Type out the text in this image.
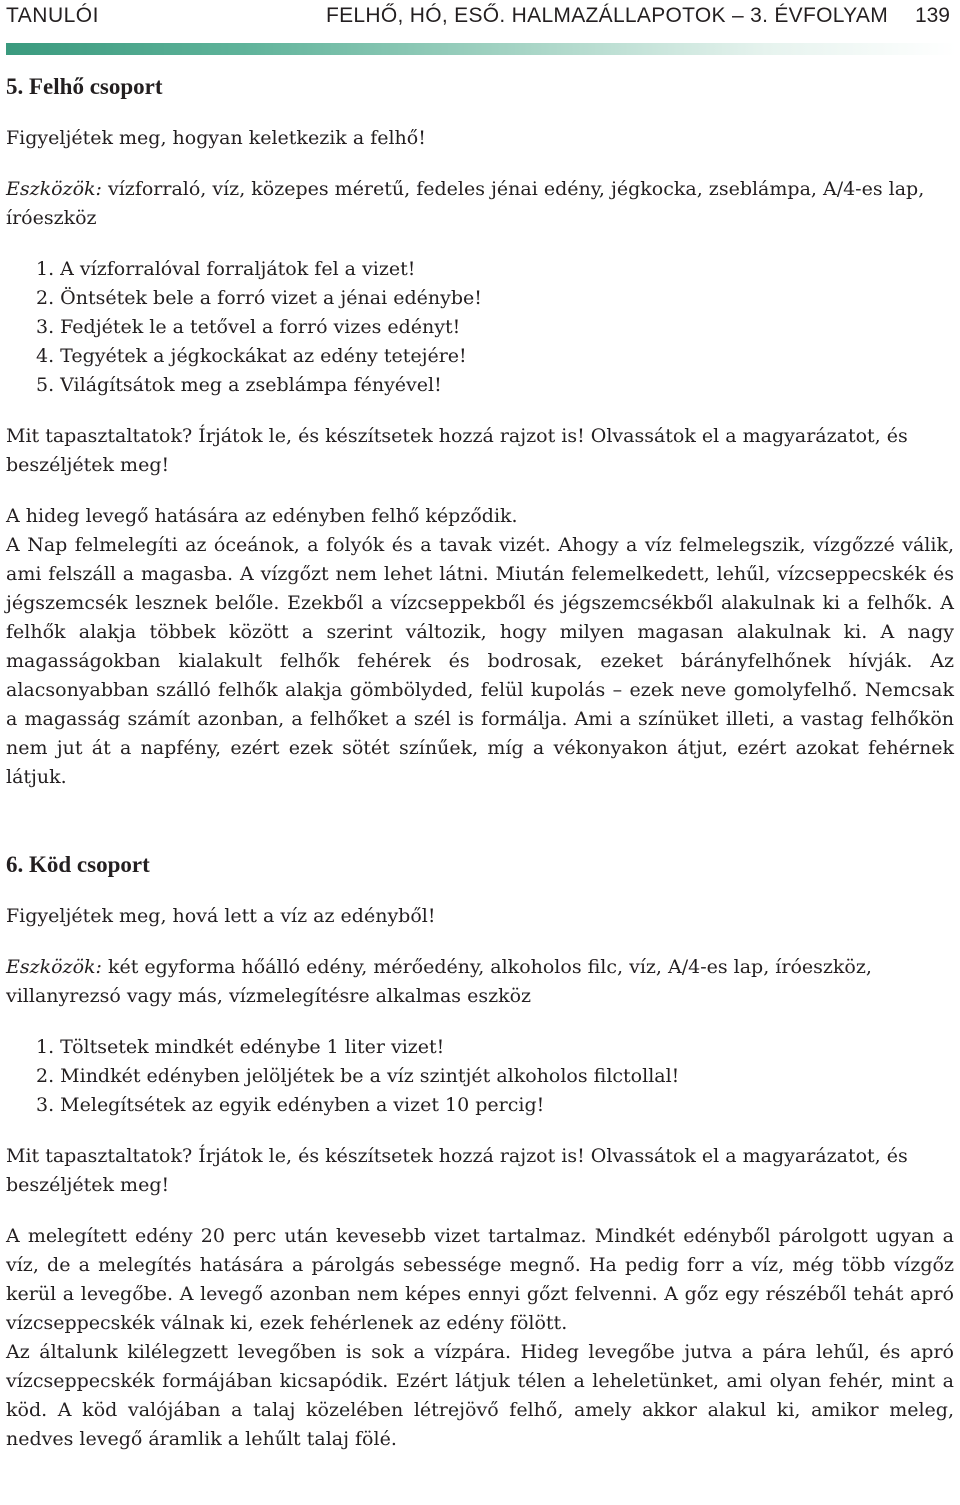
TANULÓI	FELHŐ, HÓ, ESŐ. HALMAZÁLLAPOTOK – 3. ÉVFOLYAM 139
5. Felhő csoport

Figyeljétek meg, hogyan keletkezik a felhő!

Eszközök: vízforraló, víz, közepes méretű, fedeles jénai edény, jégkocka, zseblámpa, A/4-es lap, íróeszköz

1. A vízforralóval forraljátok fel a vizet!
2. Öntsétek bele a forró vizet a jénai edénybe!
3. Fedjétek le a tetővel a forró vizes edényt!
4. Tegyétek a jégkockákat az edény tetejére!
5. Világítsátok meg a zseblámpa fényével!

Mit tapasztaltatok? Írjátok le, és készítsetek hozzá rajzot is! Olvassátok el a magyarázatot, és beszéljétek meg!

A hideg levegő hatására az edényben felhő képződik.

A Nap felmelegíti az óceánok, a folyók és a tavak vizét. Ahogy a víz felmelegszik, vízgőzzé válik, ami felszáll a magasba. A vízgőzt nem lehet látni. Miután felemelkedett, lehűl, vízcseppecskék és jégszemcsék lesznek belőle. Ezekből a vízcseppekből és jégszemcsékből alakulnak ki a felhők. A felhők alakja többek között a szerint változik, hogy milyen magasan alakulnak ki. A nagy magasságokban kialakult felhők fehérek és bodrosak, ezeket bárányfelhőnek hívják. Az alacsonyabban szálló felhők alakja gömbölyded, felül kupolás – ezek neve gomolyfelhő. Nemcsak a magasság számít azonban, a felhőket a szél is formálja. Ami a színüket illeti, a vastag felhőkön nem jut át a napfény, ezért ezek sötét színűek, míg a vékonyakon átjut, ezért azokat fehérnek látjuk.

6. Köd csoport

Figyeljétek meg, hová lett a víz az edényből!

Eszközök: két egyforma hőálló edény, mérőedény, alkoholos filc, víz, A/4-es lap, íróeszköz, villanyrezsó vagy más, vízmelegítésre alkalmas eszköz

1. Töltsetek mindkét edénybe 1 liter vizet!
2. Mindkét edényben jelöljétek be a víz szintjét alkoholos filctollal!
3. Melegítsétek az egyik edényben a vizet 10 percig!

Mit tapasztaltatok? Írjátok le, és készítsetek hozzá rajzot is! Olvassátok el a magyarázatot, és beszéljétek meg!

A melegített edény 20 perc után kevesebb vizet tartalmaz. Mindkét edényből párolgott ugyan a víz, de a melegítés hatására a párolgás sebessége megnő. Ha pedig forr a víz, még több vízgőz kerül a levegőbe. A levegő azonban nem képes ennyi gőzt felvenni. A gőz egy részéből tehát apró vízcseppecskék válnak ki, ezek fehérlenek az edény fölött.

Az általunk kilélegzett levegőben is sok a vízpára. Hideg levegőbe jutva a pára lehűl, és apró vízcseppecskék formájában kicsapódik. Ezért látjuk télen a leheletünket, ami olyan fehér, mint a köd. A köd valójában a talaj közelében létrejövő felhő, amely akkor alakul ki, amikor meleg, nedves levegő áramlik a lehűlt talaj fölé.
